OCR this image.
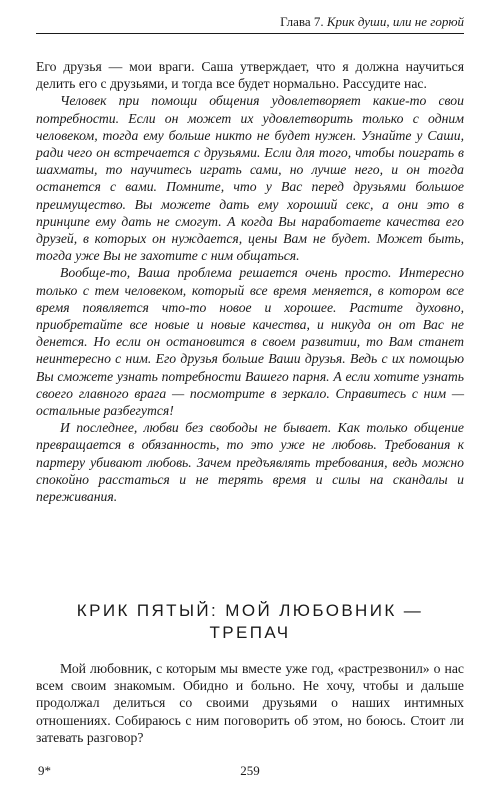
Глава 7. Крик души, или не горюй

Его друзья — мои враги. Саша утверждает, что я должна научиться делить его с друзьями, и тогда все будет нормально. Рассудите нас.

Человек при помощи общения удовлетворяет какие-то свои потребности. Если он может их удовлетворить только с одним человеком, тогда ему больше никто не будет нужен. Узнайте у Саши, ради чего он встречается с друзьями. Если для того, чтобы поиграть в шахматы, то научитесь играть сами, но лучше него, и он тогда останется с вами. Помните, что у Вас перед друзьями большое преимущество. Вы можете дать ему хороший секс, а они это в принципе ему дать не смогут. А когда Вы наработаете качества его друзей, в которых он нуждается, цены Вам не будет. Может быть, тогда уже Вы не захотите с ним общаться.

Вообще-то, Ваша проблема решается очень просто. Интересно только с тем человеком, который все время меняется, в котором все время появляется что-то новое и хорошее. Растите духовно, приобретайте все новые и новые качества, и никуда он от Вас не денется. Но если он остановится в своем развитии, то Вам станет неинтересно с ним. Его друзья больше Ваши друзья. Ведь с их помощью Вы сможете узнать потребности Вашего парня. А если хотите узнать своего главного врага — посмотрите в зеркало. Справитесь с ним — остальные разбегутся!

И последнее, любви без свободы не бывает. Как только общение превращается в обязанность, то это уже не любовь. Требования к партеру убивают любовь. Зачем предъявлять требования, ведь можно спокойно расстаться и не терять время и силы на скандалы и переживания.

КРИК ПЯТЫЙ: МОЙ ЛЮБОВНИК —
ТРЕПАЧ

Мой любовник, с которым мы вместе уже год, «растрезвонил» о нас всем своим знакомым. Обидно и больно. Не хочу, чтобы и дальше продолжал делиться со своими друзьями о наших интимных отношениях. Собираюсь с ним поговорить об этом, но боюсь. Стоит ли затевать разговор?

9*	259
